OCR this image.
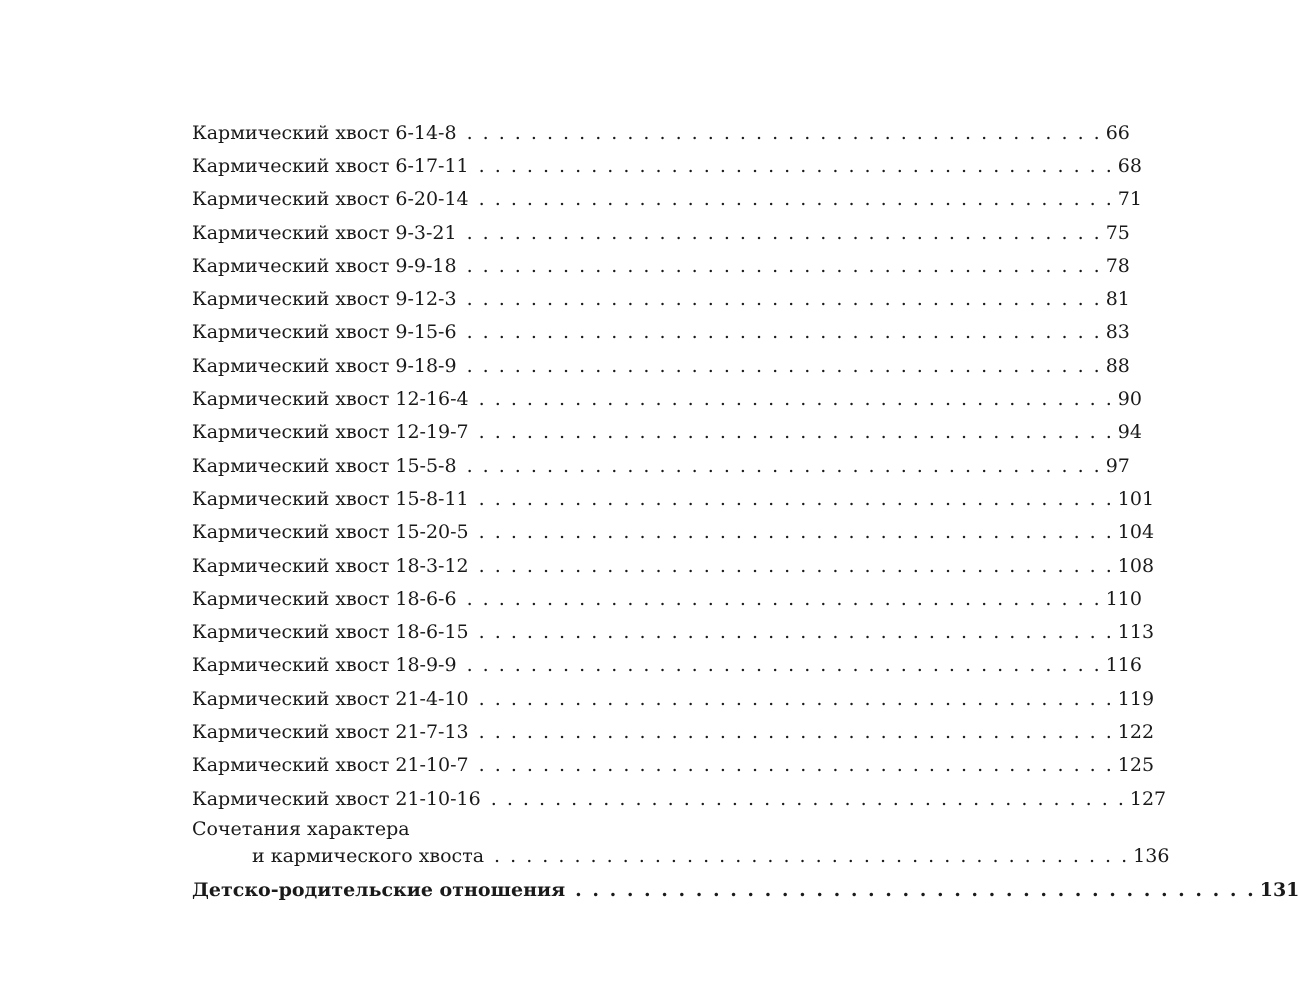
Кармический хвост 6-14-8 . . . . . . . . . . . . . . . . . . . . . . . . . . . . . . . . . . . . . . . . 66
Кармический хвост 6-17-11 . . . . . . . . . . . . . . . . . . . . . . . . . . . . . . . . . . . . . . . . 68
Кармический хвост 6-20-14 . . . . . . . . . . . . . . . . . . . . . . . . . . . . . . . . . . . . . . . . 71
Кармический хвост 9-3-21 . . . . . . . . . . . . . . . . . . . . . . . . . . . . . . . . . . . . . . . . 75
Кармический хвост 9-9-18 . . . . . . . . . . . . . . . . . . . . . . . . . . . . . . . . . . . . . . . . 78
Кармический хвост 9-12-3 . . . . . . . . . . . . . . . . . . . . . . . . . . . . . . . . . . . . . . . . 81
Кармический хвост 9-15-6 . . . . . . . . . . . . . . . . . . . . . . . . . . . . . . . . . . . . . . . . 83
Кармический хвост 9-18-9 . . . . . . . . . . . . . . . . . . . . . . . . . . . . . . . . . . . . . . . . 88
Кармический хвост 12-16-4 . . . . . . . . . . . . . . . . . . . . . . . . . . . . . . . . . . . . . . . . 90
Кармический хвост 12-19-7 . . . . . . . . . . . . . . . . . . . . . . . . . . . . . . . . . . . . . . . . 94
Кармический хвост 15-5-8 . . . . . . . . . . . . . . . . . . . . . . . . . . . . . . . . . . . . . . . . 97
Кармический хвост 15-8-11 . . . . . . . . . . . . . . . . . . . . . . . . . . . . . . . . . . . . . . . . 101
Кармический хвост 15-20-5 . . . . . . . . . . . . . . . . . . . . . . . . . . . . . . . . . . . . . . . . 104
Кармический хвост 18-3-12 . . . . . . . . . . . . . . . . . . . . . . . . . . . . . . . . . . . . . . . . 108
Кармический хвост 18-6-6 . . . . . . . . . . . . . . . . . . . . . . . . . . . . . . . . . . . . . . . . 110
Кармический хвост 18-6-15 . . . . . . . . . . . . . . . . . . . . . . . . . . . . . . . . . . . . . . . . 113
Кармический хвост 18-9-9 . . . . . . . . . . . . . . . . . . . . . . . . . . . . . . . . . . . . . . . . 116
Кармический хвост 21-4-10 . . . . . . . . . . . . . . . . . . . . . . . . . . . . . . . . . . . . . . . . 119
Кармический хвост 21-7-13 . . . . . . . . . . . . . . . . . . . . . . . . . . . . . . . . . . . . . . . . 122
Кармический хвост 21-10-7 . . . . . . . . . . . . . . . . . . . . . . . . . . . . . . . . . . . . . . . . 125
Кармический хвост 21-10-16 . . . . . . . . . . . . . . . . . . . . . . . . . . . . . . . . . . . . . . . . 127
Сочетания характера
и кармического хвоста . . . . . . . . . . . . . . . . . . . . . . . . . . . . . . . . . . . . . . . . 136
Детско-родительские отношения . . . . . . . . . . . . . . . . . . . . . . . . . . . . . . . . . . . . . . . . 131
